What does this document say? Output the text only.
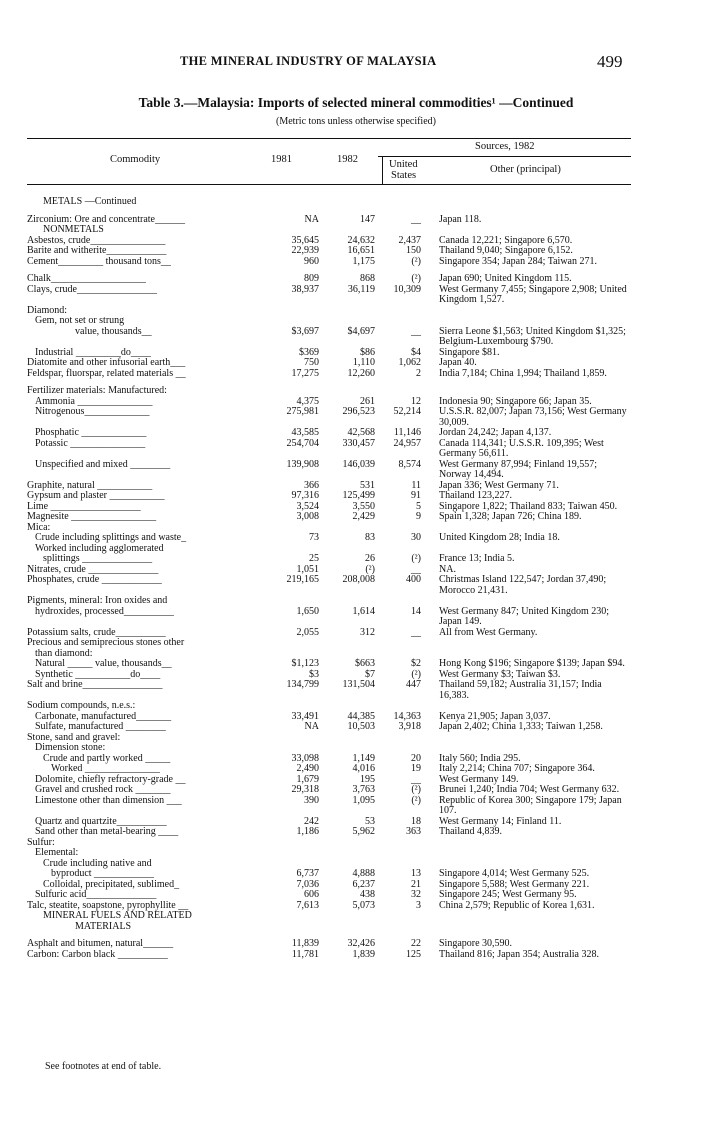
THE MINERAL INDUSTRY OF MALAYSIA	499
Table 3.—Malaysia: Imports of selected mineral commodities¹ —Continued
(Metric tons unless otherwise specified)
Commodity	1981	1982
Sources, 1982
United
States
Other (principal)
METALS —Continued
Zirconium: Ore and concentrate______	NA	147	__	Japan 118.
NONMETALS
Asbestos, crude_______________	35,645	24,632	2,437	Canada 12,221; Singapore 6,570.
Barite and witherite____________	22,939	16,651	150	Thailand 9,040; Singapore 6,152.
Cement_________ thousand tons__	960	1,175	(²)	Singapore 354; Japan 284; Taiwan 271.
Chalk___________________	809	868	(²)	Japan 690; United Kingdom 115.
Clays, crude________________	38,937	36,119	10,309	West Germany 7,455; Singapore 2,908; United Kingdom 1,527.
Diamond:
Gem, not set or strung
value, thousands__	$3,697	$4,697	__	Sierra Leone $1,563; United Kingdom $1,325; Belgium-Luxembourg $790.
Industrial _________do____	$369	$86	$4	Singapore $81.
Diatomite and other infusorial earth___	750	1,110	1,062	Japan 40.
Feldspar, fluorspar, related materials __	17,275	12,260	2	India 7,184; China 1,994; Thailand 1,859.
Fertilizer materials: Manufactured:
Ammonia _______________	4,375	261	12	Indonesia 90; Singapore 66; Japan 35.
Nitrogenous_____________	275,981	296,523	52,214	U.S.S.R. 82,007; Japan 73,156; West Germany 30,009.
Phosphatic _____________	43,585	42,568	11,146	Jordan 24,242; Japan 4,137.
Potassic _______________	254,704	330,457	24,957	Canada 114,341; U.S.S.R. 109,395; West Germany 56,611.
Unspecified and mixed ________	139,908	146,039	8,574	West Germany 87,994; Finland 19,557; Norway 14,494.
Graphite, natural ___________	366	531	11	Japan 336; West Germany 71.
Gypsum and plaster ___________	97,316	125,499	91	Thailand 123,227.
Lime __________________	3,524	3,550	5	Singapore 1,822; Thailand 833; Taiwan 450.
Magnesite _________________	3,008	2,429	9	Spain 1,328; Japan 726; China 189.
Mica:
Crude including splittings and waste_	73	83	30	United Kingdom 28; India 18.
Worked including agglomerated
splittings ______________	25	26	(²)	France 13; India 5.
Nitrates, crude ______________	1,051	(²)	__	NA.
Phosphates, crude ____________	219,165	208,008	400	Christmas Island 122,547; Jordan 37,490; Morocco 21,431.
Pigments, mineral: Iron oxides and
hydroxides, processed__________	1,650	1,614	14	West Germany 847; United Kingdom 230; Japan 149.
Potassium salts, crude__________	2,055	312	__	All from West Germany.
Precious and semiprecious stones other
than diamond:
Natural _____ value, thousands__	$1,123	$663	$2	Hong Kong $196; Singapore $139; Japan $94.
Synthetic ___________do____	$3	$7	(²)	West Germany $3; Taiwan $3.
Salt and brine________________	134,799	131,504	447	Thailand 59,182; Australia 31,157; India 16,383.
Sodium compounds, n.e.s.:
Carbonate, manufactured_______	33,491	44,385	14,363	Kenya 21,905; Japan 3,037.
Sulfate, manufactured ________	NA	10,503	3,918	Japan 2,402; China 1,333; Taiwan 1,258.
Stone, sand and gravel:
Dimension stone:
Crude and partly worked _____	33,098	1,149	20	Italy 560; India 295.
Worked _______________	2,490	4,016	19	Italy 2,214; China 707; Singapore 364.
Dolomite, chiefly refractory-grade __	1,679	195	__	West Germany 149.
Gravel and crushed rock _______	29,318	3,763	(²)	Brunei 1,240; India 704; West Germany 632.
Limestone other than dimension ___	390	1,095	(²)	Republic of Korea 300; Singapore 179; Japan 107.
Quartz and quartzite__________	242	53	18	West Germany 14; Finland 11.
Sand other than metal-bearing ____	1,186	5,962	363	Thailand 4,839.
Sulfur:
Elemental:
Crude including native and
byproduct ____________	6,737	4,888	13	Singapore 4,014; West Germany 525.
Colloidal, precipitated, sublimed_	7,036	6,237	21	Singapore 5,588; West Germany 221.
Sulfuric acid______________	606	438	32	Singapore 245; West Germany 95.
Talc, steatite, soapstone, pyrophyllite __	7,613	5,073	3	China 2,579; Republic of Korea 1,631.
MINERAL FUELS AND RELATED
MATERIALS
Asphalt and bitumen, natural______	11,839	32,426	22	Singapore 30,590.
Carbon: Carbon black __________	11,781	1,839	125	Thailand 816; Japan 354; Australia 328.
See footnotes at end of table.
